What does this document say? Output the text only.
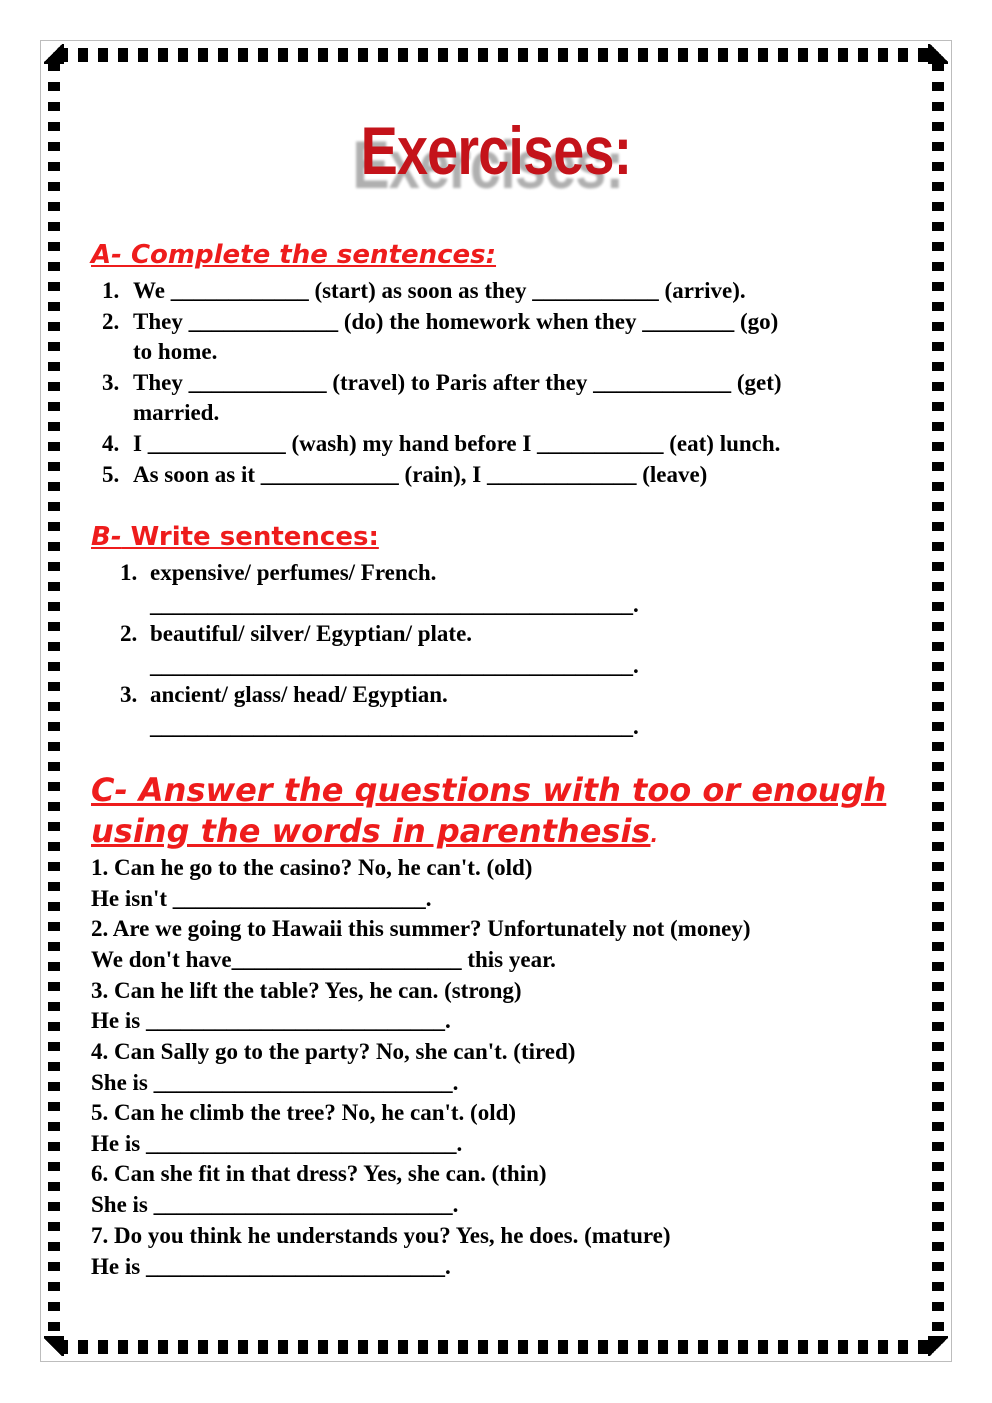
Exercises:
A- Complete the sentences:
1. We ____________ (start) as soon as they ___________ (arrive).
2. They _____________ (do) the homework when they ________ (go)
to home.
3. They ____________ (travel) to Paris after they ____________ (get)
married.
4. I ____________ (wash) my hand before I ___________ (eat) lunch.
5. As soon as it ____________ (rain), I _____________ (leave)
B- Write sentences:
1. expensive/ perfumes/ French.
__________________________________________.
2. beautiful/ silver/ Egyptian/ plate.
__________________________________________.
3. ancient/ glass/ head/ Egyptian.
__________________________________________.
C- Answer the questions with too or enough
using the words in parenthesis.
1. Can he go to the casino? No, he can't. (old)
He isn't ______________________.
2. Are we going to Hawaii this summer? Unfortunately not (money)
We don't have____________________ this year.
3. Can he lift the table? Yes, he can. (strong)
He is __________________________.
4. Can Sally go to the party? No, she can't. (tired)
She is __________________________.
5. Can he climb the tree? No, he can't. (old)
He is ___________________________.
6. Can she fit in that dress? Yes, she can. (thin)
She is __________________________.
7. Do you think he understands you? Yes, he does. (mature)
He is __________________________.
